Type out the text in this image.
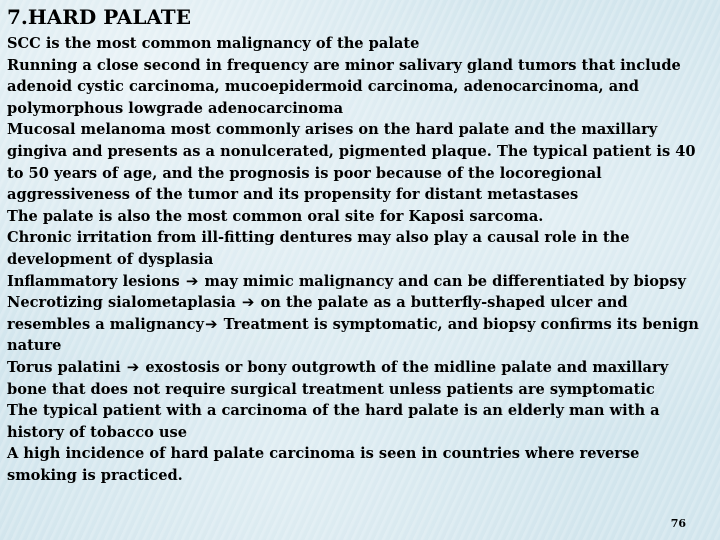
7.HARD PALATE
SCC is the most common malignancy of the palate
Running a close second in frequency are minor salivary gland tumors that include adenoid cystic carcinoma, mucoepidermoid carcinoma, adenocarcinoma, and polymorphous lowgrade adenocarcinoma
Mucosal melanoma most commonly arises on the hard palate and the maxillary gingiva and presents as a nonulcerated, pigmented plaque. The typical patient is 40
to 50 years of age, and the prognosis is poor because of the locoregional aggressiveness of the tumor and its propensity for distant metastases
The palate is also the most common oral site for Kaposi sarcoma.
Chronic irritation from ill-fitting dentures may also play a causal role in the development of dysplasia
Inflammatory lesions ➔ may mimic malignancy and can be differentiated by biopsy
Necrotizing sialometaplasia ➔ on the palate as a butterfly-shaped ulcer and resembles a malignancy➔ Treatment is symptomatic, and biopsy confirms its benign nature
Torus palatini ➔ exostosis or bony outgrowth of the midline palate and maxillary bone that does not require surgical treatment unless patients are symptomatic
The typical patient with a carcinoma of the hard palate is an elderly man with a history of tobacco use
A high incidence of hard palate carcinoma is seen in countries where reverse smoking is practiced.
76
